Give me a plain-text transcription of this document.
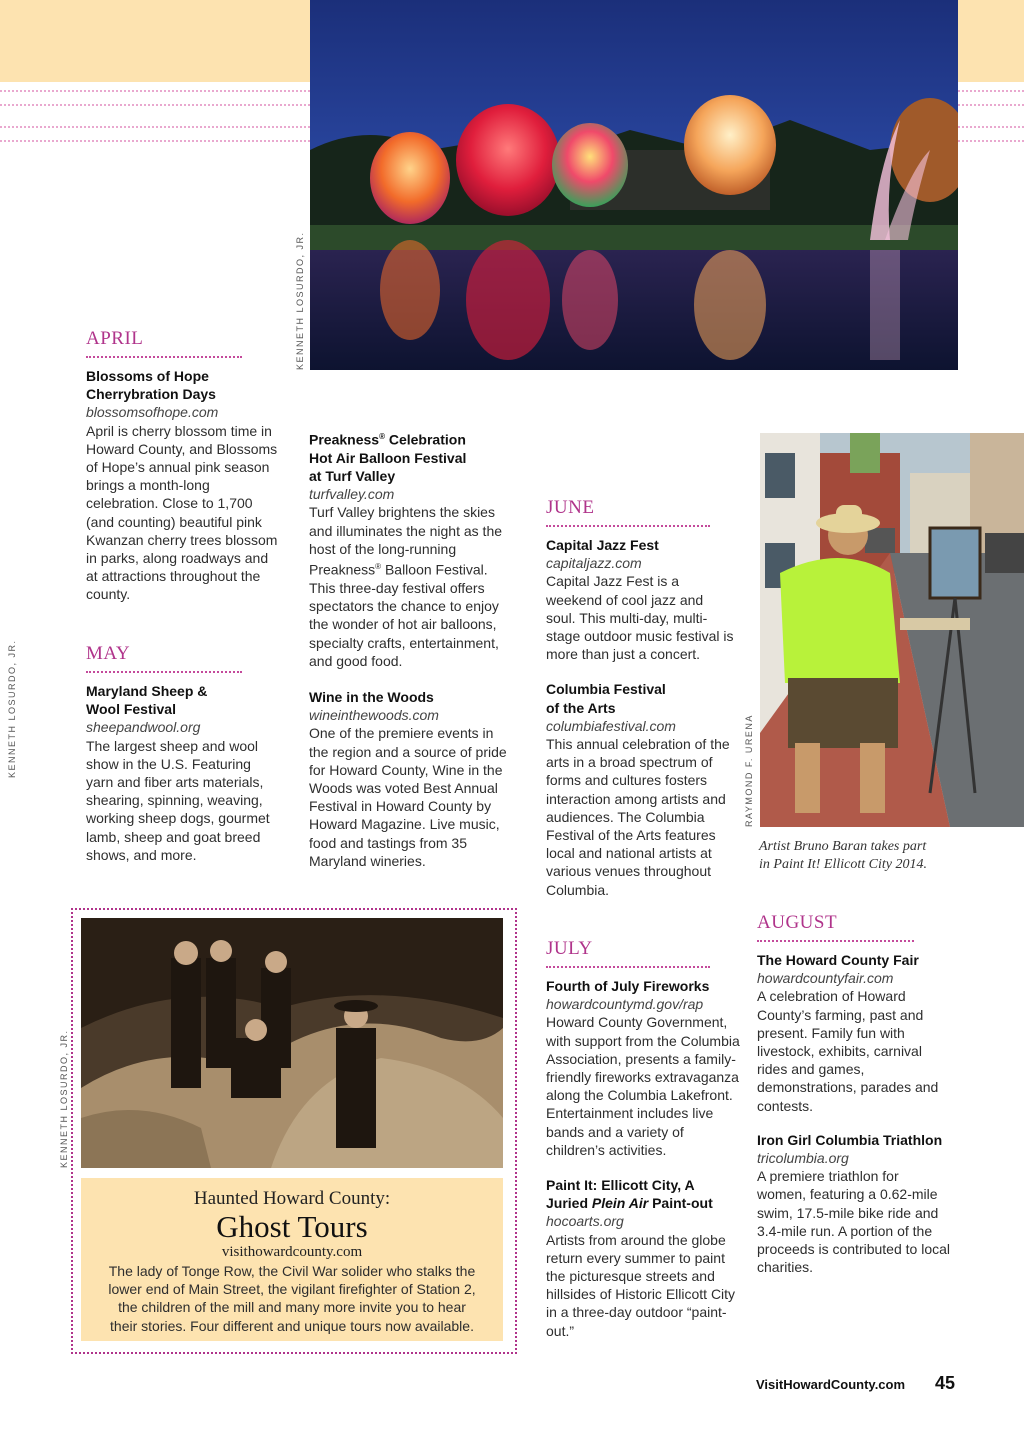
KENNETH LOSURDO, JR.
KENNETH LOSURDO, JR.
APRIL
Blossoms of Hope
Cherrybration Days
blossomsofhope.com
April is cherry blossom time in Howard County, and Blossoms of Hope’s annual pink season brings a month-long celebration. Close to 1,700 (and counting) beautiful pink Kwanzan cherry trees blossom in parks, along roadways and at attractions throughout the county.
MAY
Maryland Sheep &
Wool Festival
sheepandwool.org
The largest sheep and wool show in the U.S. Featuring yarn and fiber arts materials, shearing, spinning, weaving, working sheep dogs, gourmet lamb, sheep and goat breed shows, and more.
Preakness® Celebration
Hot Air Balloon Festival
at Turf Valley
turfvalley.com
Turf Valley brightens the skies and illuminates the night as the host of the long-running Preakness® Balloon Festival. This three-day festival offers spectators the chance to enjoy the wonder of hot air balloons, specialty crafts, entertainment, and good food.
Wine in the Woods
wineinthewoods.com
One of the premiere events in the region and a source of pride for Howard County, Wine in the Woods was voted Best Annual Festival in Howard County by Howard Magazine. Live music, food and tastings from 35 Maryland wineries.
JUNE
Capital Jazz Fest
capitaljazz.com
Capital Jazz Fest is a weekend of cool jazz and soul. This multi-day, multi-stage outdoor music festival is more than just a concert.
Columbia Festival
of the Arts
columbiafestival.com
This annual celebration of the arts in a broad spectrum of forms and cultures fosters interaction among artists and audiences. The Columbia Festival of the Arts features local and national artists at various venues throughout Columbia.
JULY
Fourth of July Fireworks
howardcountymd.gov/rap
Howard County Government, with support from the Columbia Association, presents a family-friendly fireworks extravaganza along the Columbia Lakefront. Entertainment includes live bands and a variety of children’s activities.
Paint It: Ellicott City, A
Juried Plein Air Paint-out
hocoarts.org
Artists from around the globe return every summer to paint the picturesque streets and hillsides of Historic Ellicott City in a three-day outdoor “paint-out.”
RAYMOND F. URENA
Artist Bruno Baran takes part
in Paint It! Ellicott City 2014.
AUGUST
The Howard County Fair
howardcountyfair.com
A celebration of Howard County’s farming, past and present. Family fun with livestock, exhibits, carnival rides and games, demonstrations, parades and contests.
Iron Girl Columbia Triathlon
tricolumbia.org
A premiere triathlon for women, featuring a 0.62-mile swim, 17.5-mile bike ride and 3.4-mile run. A portion of the proceeds is contributed to local charities.
KENNETH LOSURDO, JR.
Haunted Howard County:
Ghost Tours
visithowardcounty.com
The lady of Tonge Row, the Civil War solider who stalks the lower end of Main Street, the vigilant firefighter of Station 2, the children of the mill and many more invite you to hear their stories. Four different and unique tours now available.
VisitHowardCounty.com 45
